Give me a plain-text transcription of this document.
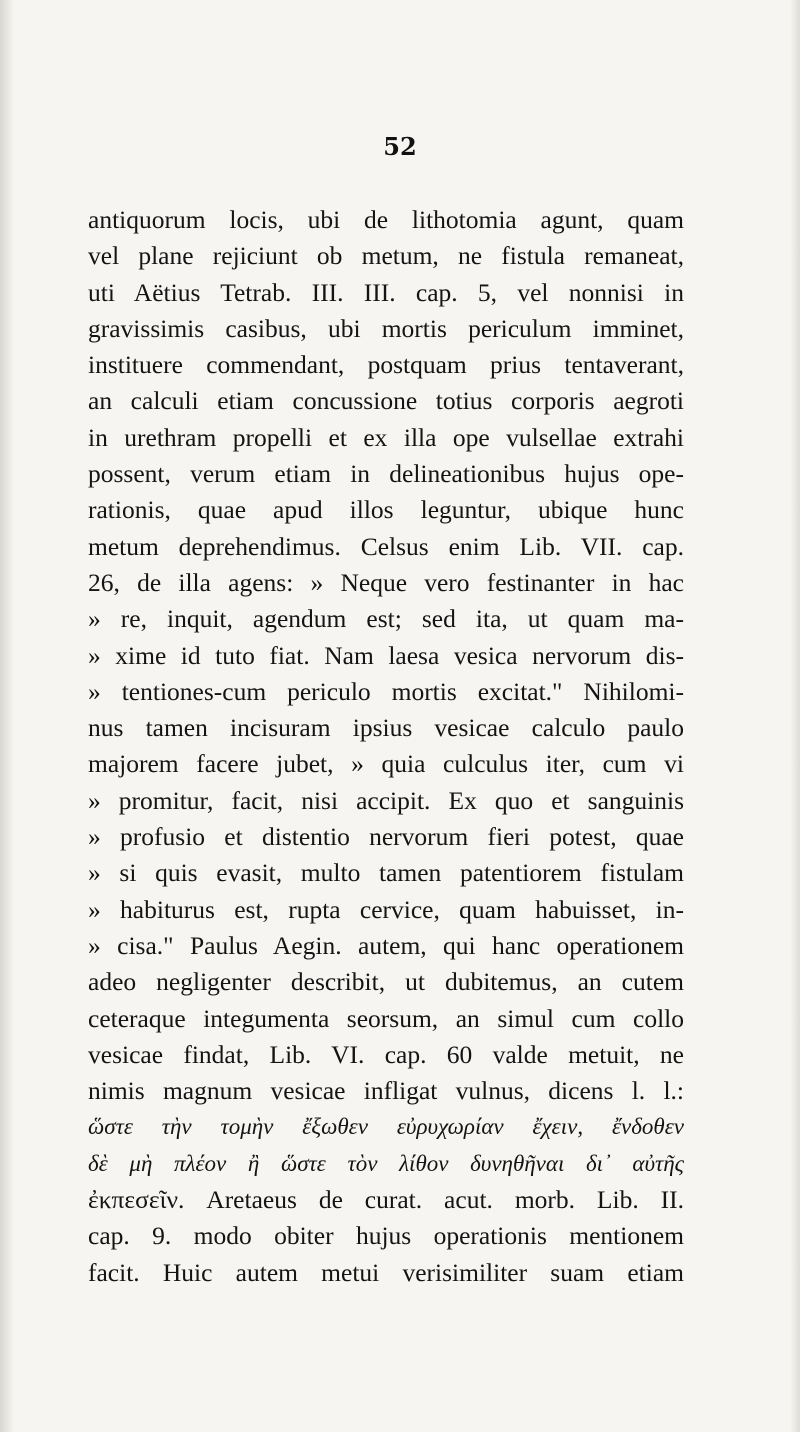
52
antiquorum locis, ubi de lithotomia agunt, quam
vel plane rejiciunt ob metum, ne fistula remaneat,
uti Aëtius Tetrab. III. III. cap. 5, vel nonnisi in
gravissimis casibus, ubi mortis periculum imminet,
instituere commendant, postquam prius tentaverant,
an calculi etiam concussione totius corporis aegroti
in urethram propelli et ex illa ope vulsellae extrahi
possent, verum etiam in delineationibus hujus ope-
rationis, quae apud illos leguntur, ubique hunc
metum deprehendimus. Celsus enim Lib. VII. cap.
26, de illa agens: » Neque vero festinanter in hac
» re, inquit, agendum est; sed ita, ut quam ma-
» xime id tuto fiat. Nam laesa vesica nervorum dis-
» tentiones-cum periculo mortis excitat." Nihilomi-
nus tamen incisuram ipsius vesicae calculo paulo
majorem facere jubet, » quia culculus iter, cum vi
» promitur, facit, nisi accipit. Ex quo et sanguinis
» profusio et distentio nervorum fieri potest, quae
» si quis evasit, multo tamen patentiorem fistulam
» habiturus est, rupta cervice, quam habuisset, in-
» cisa." Paulus Aegin. autem, qui hanc operationem
adeo negligenter describit, ut dubitemus, an cutem
ceteraque integumenta seorsum, an simul cum collo
vesicae findat, Lib. VI. cap. 60 valde metuit, ne
nimis magnum vesicae infligat vulnus, dicens l. l.:
ὥστε τὴν τομὴν ἔξωθεν εὐρυχωρίαν ἔχειν, ἔνδοθεν
δὲ μὴ πλέον ἢ ὥστε τὸν λίθον δυνηθῆναι δι᾽ αὐτῆς
ἐκπεσεῖν. Aretaeus de curat. acut. morb. Lib. II.
cap. 9. modo obiter hujus operationis mentionem
facit. Huic autem metui verisimiliter suam etiam
